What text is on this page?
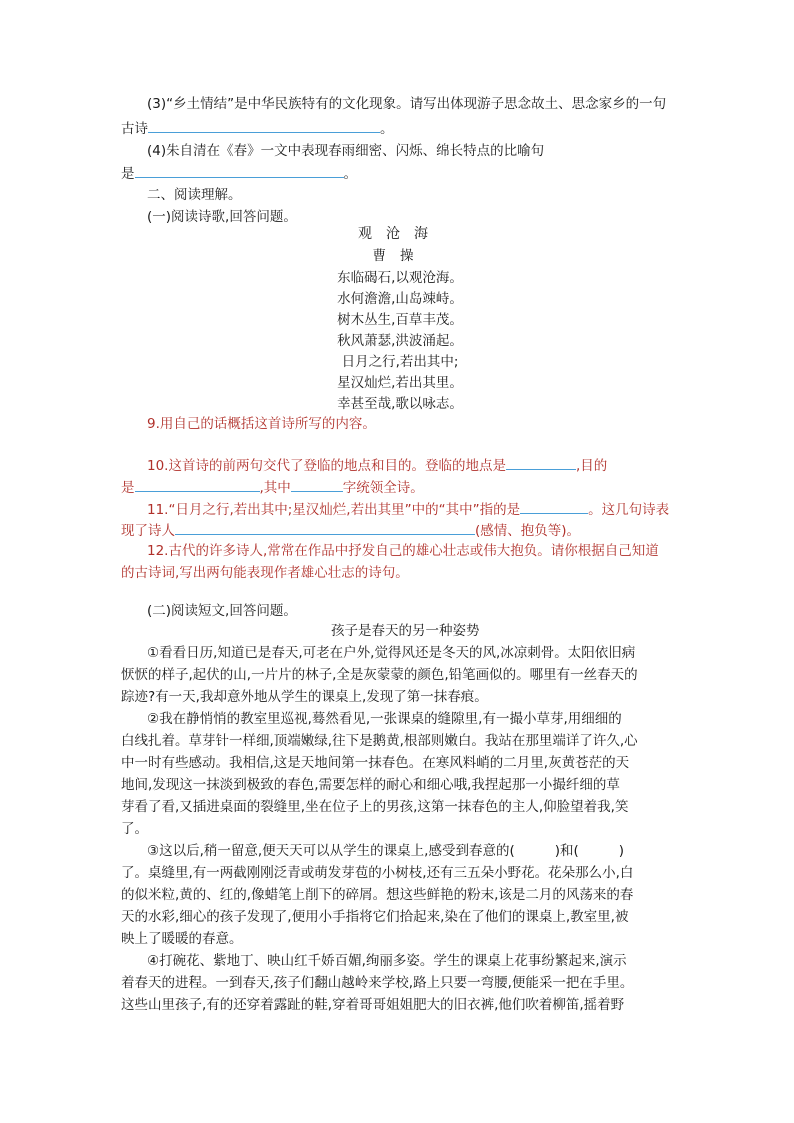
(3)“乡土情结”是中华民族特有的文化现象。请写出体现游子思念故土、思念家乡的一句
古诗	。
(4)朱自清在《春》一文中表现春雨细密、闪烁、绵长特点的比喻句
是	。
二、阅读理解。
(一)阅读诗歌,回答问题。
观沧海
曹操
东临碣石,以观沧海。
水何澹澹,山岛竦峙。
树木丛生,百草丰茂。
秋风萧瑟,洪波涌起。
日月之行,若出其中;
星汉灿烂,若出其里。
幸甚至哉,歌以咏志。
9.用自己的话概括这首诗所写的内容。
10.这首诗的前两句交代了登临的地点和目的。登临的地点是	,目的
是	,其中	字统领全诗。
11.“日月之行,若出其中;星汉灿烂,若出其里”中的“其中”指的是	。这几句诗表
现了诗人	(感情、抱负等)。
12.古代的许多诗人,常常在作品中抒发自己的雄心壮志或伟大抱负。请你根据自己知道
的古诗词,写出两句能表现作者雄心壮志的诗句。
(二)阅读短文,回答问题。
孩子是春天的另一种姿势
①看看日历,知道已是春天,可老在户外,觉得风还是冬天的风,冰凉刺骨。太阳依旧病
恹恹的样子,起伏的山,一片片的林子,全是灰蒙蒙的颜色,铅笔画似的。哪里有一丝春天的
踪迹?有一天,我却意外地从学生的课桌上,发现了第一抹春痕。
②我在静悄悄的教室里巡视,蓦然看见,一张课桌的缝隙里,有一撮小草芽,用细细的
白线扎着。草芽针一样细,顶端嫩绿,往下是鹅黄,根部则嫩白。我站在那里端详了许久,心
中一时有些感动。我相信,这是天地间第一抹春色。在寒风料峭的二月里,灰黄苍茫的天
地间,发现这一抹淡到极致的春色,需要怎样的耐心和细心哦,我捏起那一小撮纤细的草
芽看了看,又插进桌面的裂缝里,坐在位子上的男孩,这第一抹春色的主人,仰脸望着我,笑
了。
③这以后,稍一留意,便天天可以从学生的课桌上,感受到春意的(	)和(	)
了。桌缝里,有一两截刚刚泛青或萌发芽苞的小树枝,还有三五朵小野花。花朵那么小,白
的似米粒,黄的、红的,像蜡笔上削下的碎屑。想这些鲜艳的粉末,该是二月的风荡来的春
天的水彩,细心的孩子发现了,便用小手指将它们拾起来,染在了他们的课桌上,教室里,被
映上了暖暖的春意。
④打碗花、紫地丁、映山红千娇百媚,绚丽多姿。学生的课桌上花事纷繁起来,演示
着春天的进程。一到春天,孩子们翻山越岭来学校,路上只要一弯腰,便能采一把在手里。
这些山里孩子,有的还穿着露趾的鞋,穿着哥哥姐姐肥大的旧衣裤,他们吹着柳笛,摇着野
